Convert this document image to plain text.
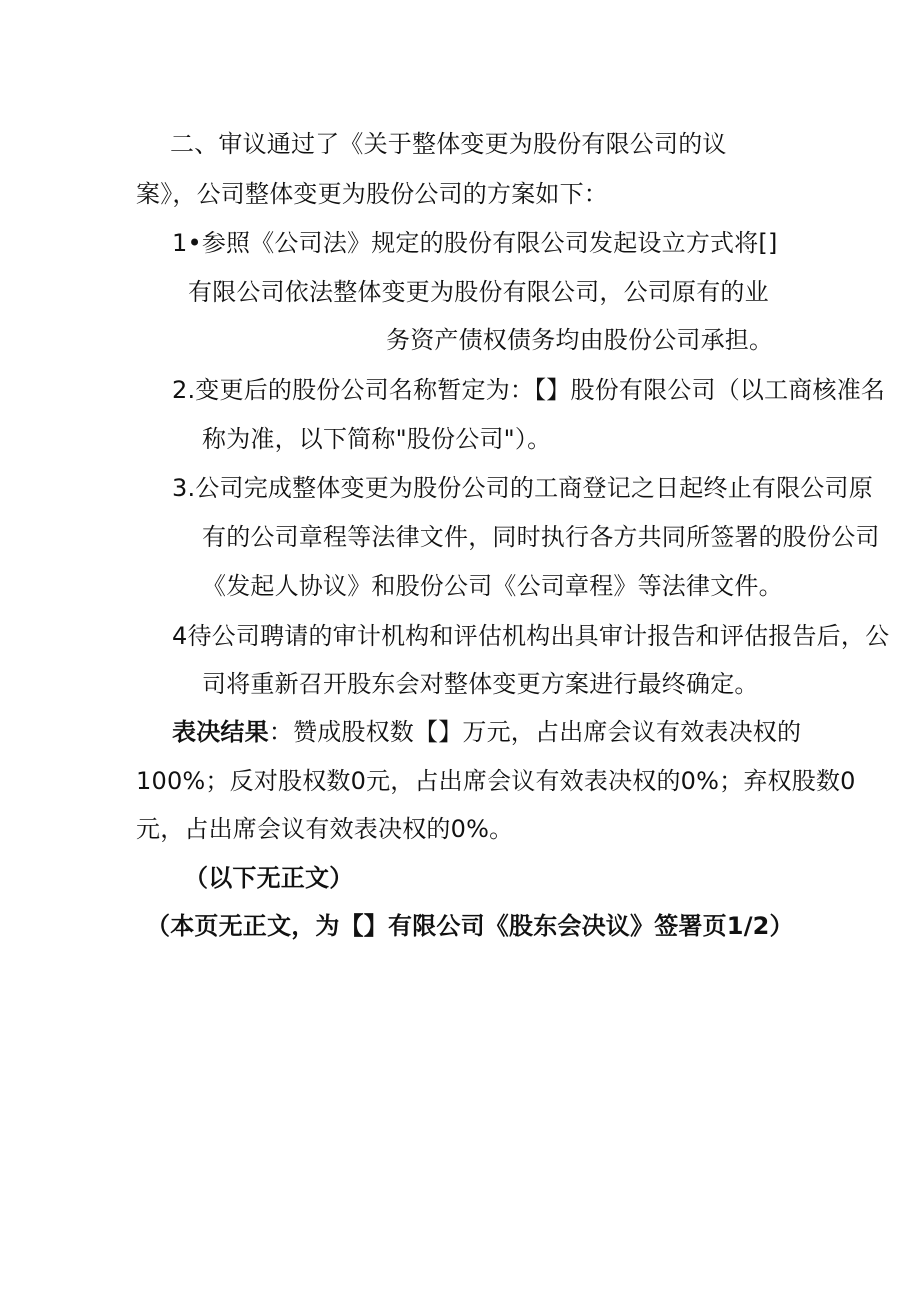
二、审议通过了《关于整体变更为股份有限公司的议
案》，公司整体变更为股份公司的方案如下：
1•参照《公司法》规定的股份有限公司发起设立方式将[]
有限公司依法整体变更为股份有限公司，公司原有的业
务资产债权债务均由股份公司承担。
2.变更后的股份公司名称暂定为：【】股份有限公司（以工商核准名
称为准，以下简称"股份公司"）。
3.公司完成整体变更为股份公司的工商登记之日起终止有限公司原
有的公司章程等法律文件，同时执行各方共同所签署的股份公司
《发起人协议》和股份公司《公司章程》等法律文件。
4待公司聘请的审计机构和评估机构出具审计报告和评估报告后，公
司将重新召开股东会对整体变更方案进行最终确定。
表决结果：赞成股权数【】万元，占出席会议有效表决权的
100%；反对股权数0元，占出席会议有效表决权的0%；弃权股数0
元，占出席会议有效表决权的0%。
（以下无正文）
（本页无正文，为【】有限公司《股东会决议》签署页1/2）
